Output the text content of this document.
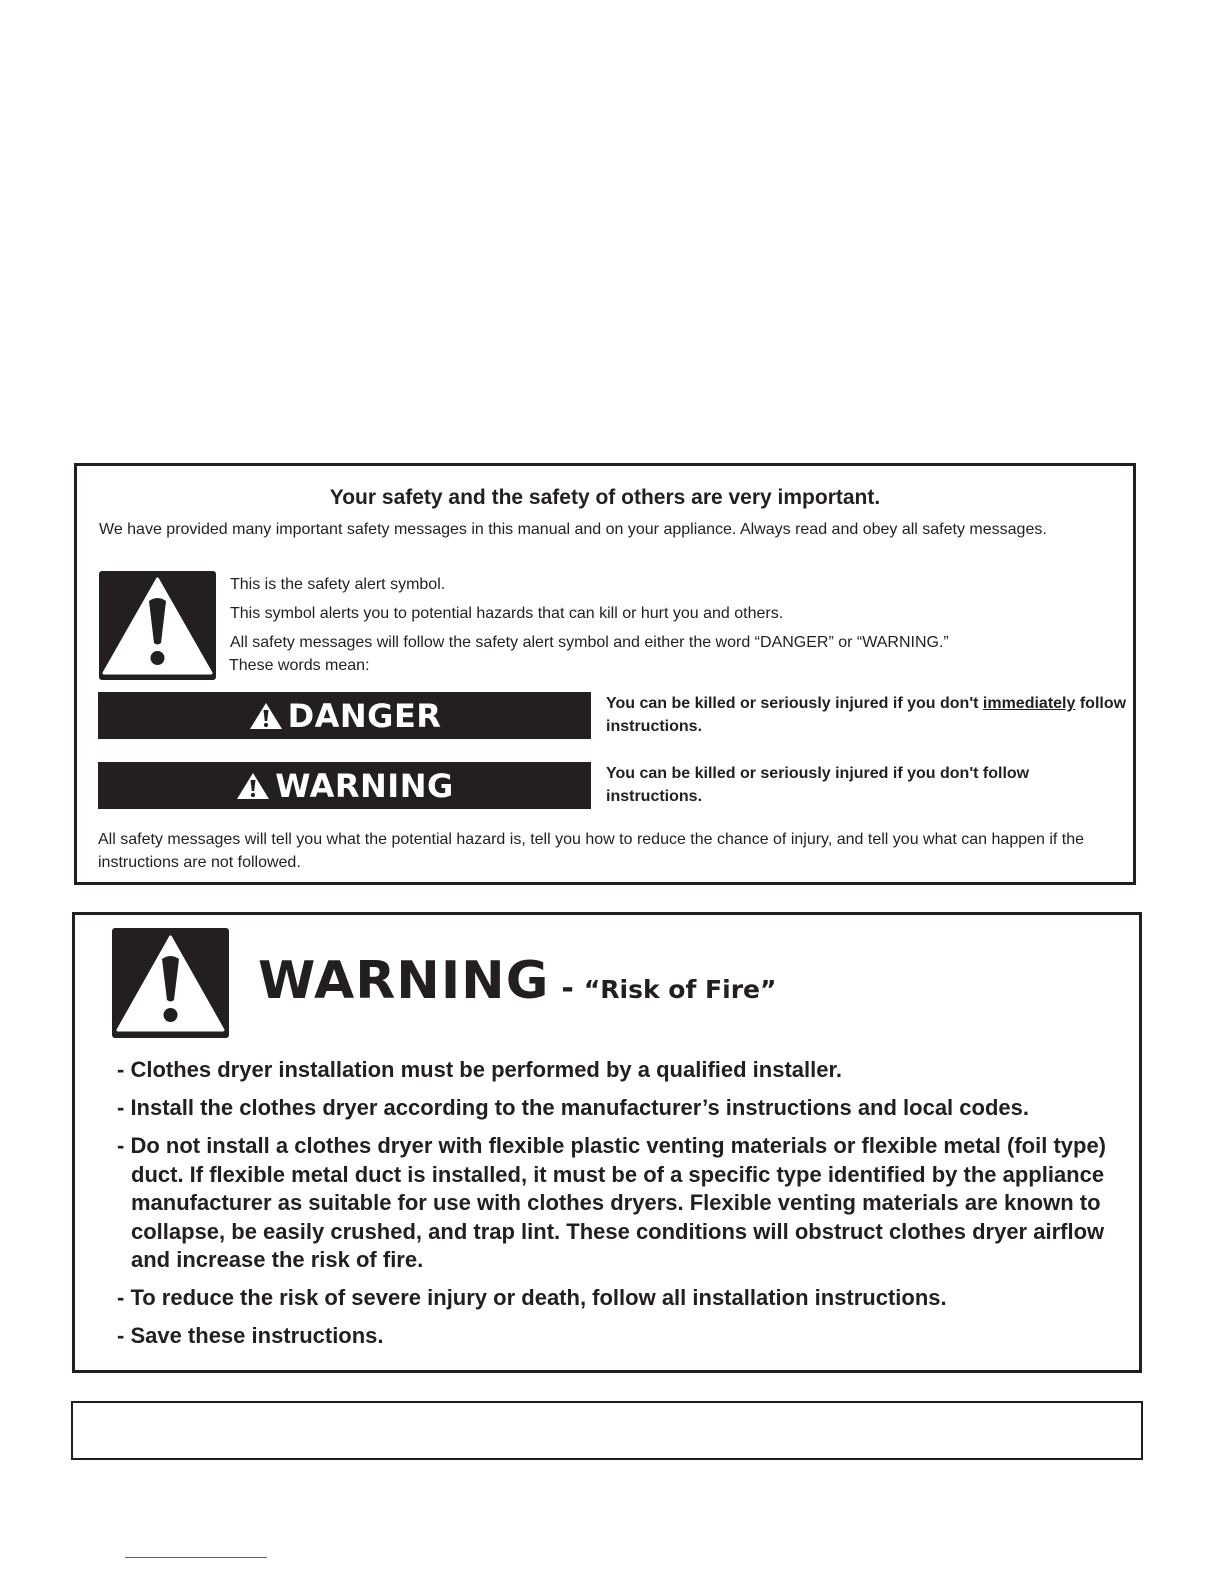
Your safety and the safety of others are very important.

We have provided many important safety messages in this manual and on your appliance. Always read and obey all safety messages.

This is the safety alert symbol.

This symbol alerts you to potential hazards that can kill or hurt you and others.

All safety messages will follow the safety alert symbol and either the word “DANGER” or “WARNING.”

These words mean:

DANGER	You can be killed or seriously injured if you don't immediately follow instructions.

WARNING	You can be killed or seriously injured if you don't follow instructions.

All safety messages will tell you what the potential hazard is, tell you how to reduce the chance of injury, and tell you what can happen if the instructions are not followed.

WARNING - “Risk of Fire”
- Clothes dryer installation must be performed by a qualified installer.
- Install the clothes dryer according to the manufacturer’s instructions and local codes.
- Do not install a clothes dryer with flexible plastic venting materials or flexible metal (foil type) duct. If flexible metal duct is installed, it must be of a specific type identified by the appliance manufacturer as suitable for use with clothes dryers. Flexible venting materials are known to collapse, be easily crushed, and trap lint. These conditions will obstruct clothes dryer airflow and increase the risk of fire.
- To reduce the risk of severe injury or death, follow all installation instructions.
- Save these instructions.
